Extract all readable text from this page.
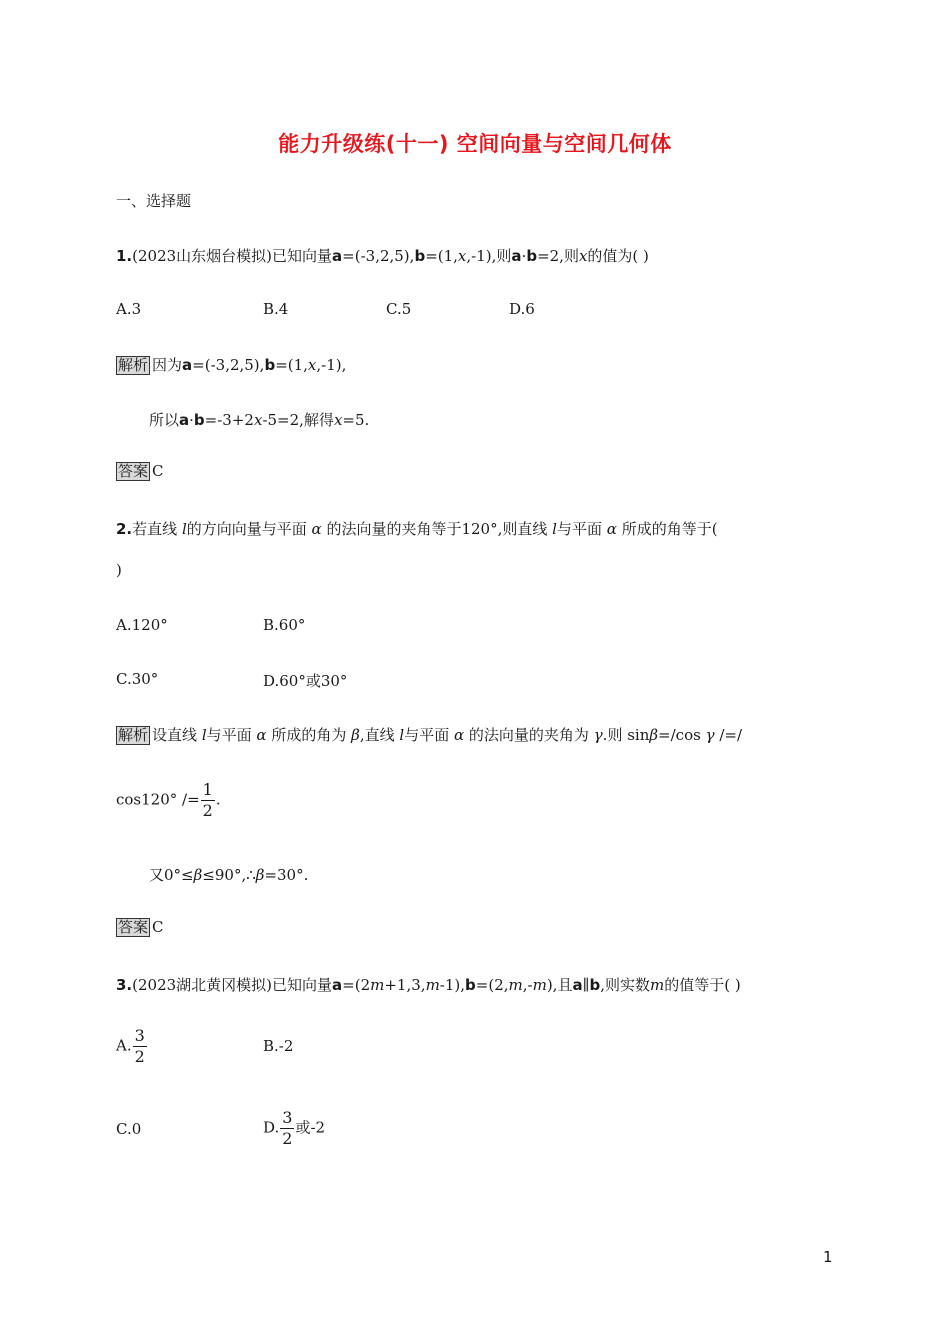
能力升级练(十一) 空间向量与空间几何体
一、选择题
1.(2023山东烟台模拟)已知向量a=(-3,2,5),b=(1,x,-1),则a·b=2,则x的值为( )
A.3	B.4	C.5	D.6
解析 因为a=(-3,2,5),b=(1,x,-1),
所以a·b=-3+2x-5=2,解得x=5.
答案 C
2.若直线 l的方向向量与平面 α 的法向量的夹角等于120°,则直线 l与平面 α 所成的角等于(
)
A.120°	B.60°
C.30°	D.60°或30°
解析 设直线 l与平面 α 所成的角为 β,直线 l与平面 α 的法向量的夹角为 γ.则 sinβ=/cos γ /=/
$\cos 120^\circ /= \frac{1}{2}$ .
又0°≤β≤90°,∴β=30°.
答案 C
3.(2023湖北黄冈模拟)已知向量a=(2m+1,3,m-1),b=(2,m,-m),且a∥b,则实数m的值等于( )
A. $\frac{3}{2}$	B.-2
C.0	D. $\frac{3}{2}$ 或-2
1
